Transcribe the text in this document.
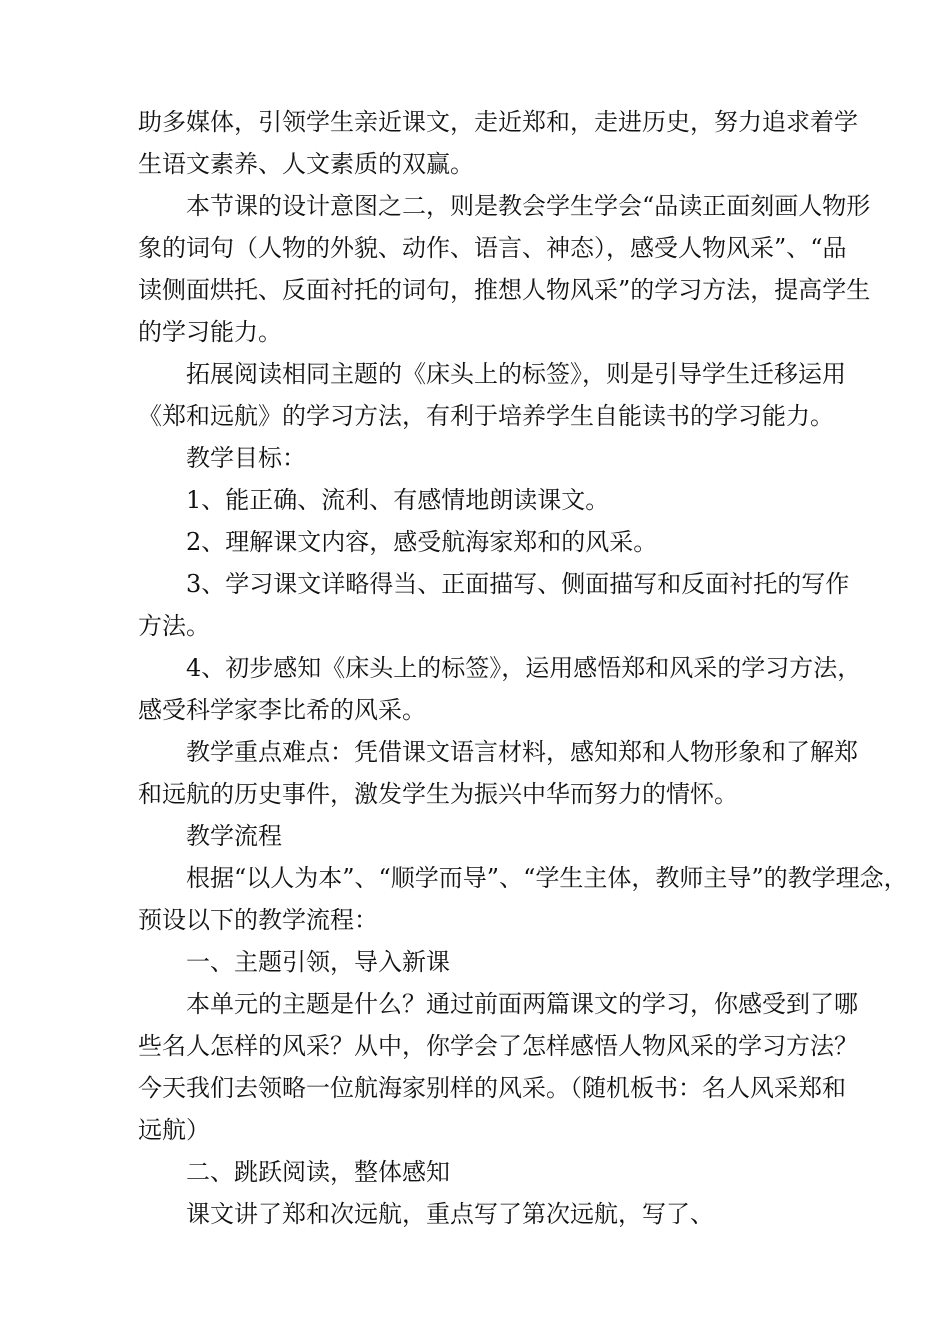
助多媒体，引领学生亲近课文，走近郑和，走进历史，努力追求着学
生语文素养、人文素质的双赢。
本节课的设计意图之二，则是教会学生学会“品读正面刻画人物形
象的词句（人物的外貌、动作、语言、神态），感受人物风采”、“品
读侧面烘托、反面衬托的词句，推想人物风采”的学习方法，提高学生
的学习能力。
拓展阅读相同主题的《床头上的标签》，则是引导学生迁移运用
《郑和远航》的学习方法，有利于培养学生自能读书的学习能力。
教学目标：
1、能正确、流利、有感情地朗读课文。
2、理解课文内容，感受航海家郑和的风采。
3、学习课文详略得当、正面描写、侧面描写和反面衬托的写作
方法。
4、初步感知《床头上的标签》，运用感悟郑和风采的学习方法，
感受科学家李比希的风采。
教学重点难点：凭借课文语言材料，感知郑和人物形象和了解郑
和远航的历史事件，激发学生为振兴中华而努力的情怀。
教学流程
根据“以人为本”、“顺学而导”、“学生主体，教师主导”的教学理念，
预设以下的教学流程：
一、主题引领，导入新课
本单元的主题是什么？通过前面两篇课文的学习，你感受到了哪
些名人怎样的风采？从中，你学会了怎样感悟人物风采的学习方法？
今天我们去领略一位航海家别样的风采。（随机板书：名人风采郑和
远航）
二、跳跃阅读，整体感知
课文讲了郑和次远航，重点写了第次远航，写了、
